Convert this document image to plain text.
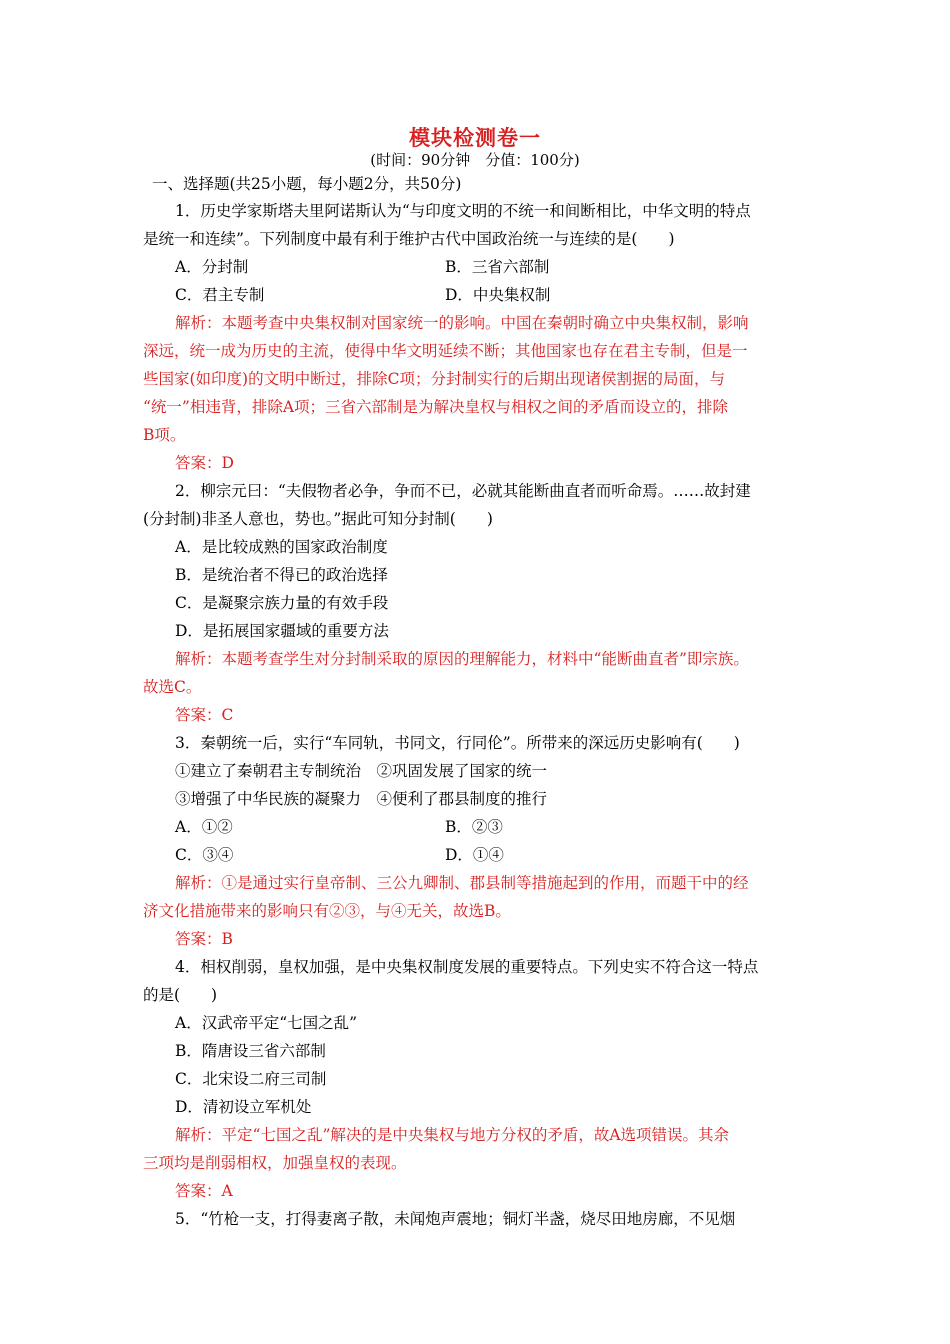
模块检测卷一
(时间：90分钟　分值：100分)
一、选择题(共25小题，每小题2分，共50分)
1．历史学家斯塔夫里阿诺斯认为“与印度文明的不统一和间断相比，中华文明的特点
是统一和连续”。下列制度中最有利于维护古代中国政治统一与连续的是(　　)
A．分封制	B．三省六部制
C．君主专制	D．中央集权制
解析：本题考查中央集权制对国家统一的影响。中国在秦朝时确立中央集权制，影响
深远，统一成为历史的主流，使得中华文明延续不断；其他国家也存在君主专制，但是一
些国家(如印度)的文明中断过，排除C项；分封制实行的后期出现诸侯割据的局面，与
“统一”相违背，排除A项；三省六部制是为解决皇权与相权之间的矛盾而设立的，排除
B项。
答案：D
2．柳宗元曰：“夫假物者必争，争而不已，必就其能断曲直者而听命焉。……故封建
(分封制)非圣人意也，势也。”据此可知分封制(　　)
A．是比较成熟的国家政治制度
B．是统治者不得已的政治选择
C．是凝聚宗族力量的有效手段
D．是拓展国家疆域的重要方法
解析：本题考查学生对分封制采取的原因的理解能力，材料中“能断曲直者”即宗族。
故选C。
答案：C
3．秦朝统一后，实行“车同轨，书同文，行同伦”。所带来的深远历史影响有(　　)
①建立了秦朝君主专制统治　②巩固发展了国家的统一
③增强了中华民族的凝聚力　④便利了郡县制度的推行
A．①②	B．②③
C．③④	D．①④
解析：①是通过实行皇帝制、三公九卿制、郡县制等措施起到的作用，而题干中的经
济文化措施带来的影响只有②③，与④无关，故选B。
答案：B
4．相权削弱，皇权加强，是中央集权制度发展的重要特点。下列史实不符合这一特点
的是(　　)
A．汉武帝平定“七国之乱”
B．隋唐设三省六部制
C．北宋设二府三司制
D．清初设立军机处
解析：平定“七国之乱”解决的是中央集权与地方分权的矛盾，故A选项错误。其余
三项均是削弱相权，加强皇权的表现。
答案：A
5．“竹枪一支，打得妻离子散，未闻炮声震地；铜灯半盏，烧尽田地房廊，不见烟
